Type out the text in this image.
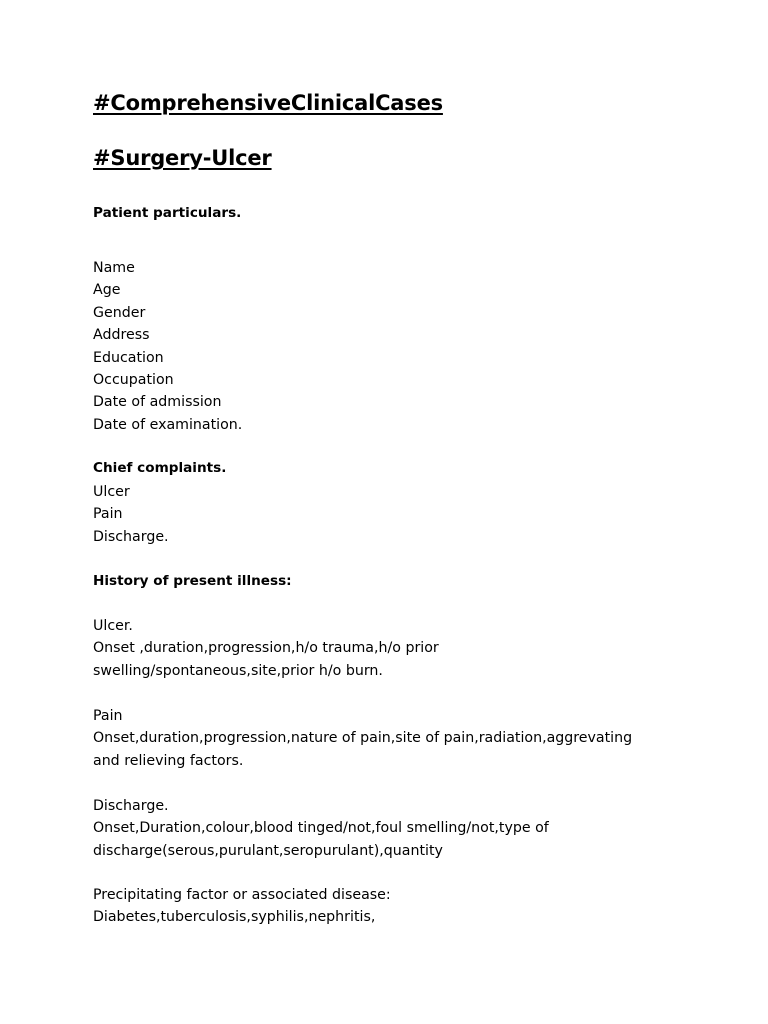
#ComprehensiveClinicalCases
#Surgery-Ulcer
Patient particulars.
Name
Age
Gender
Address
Education
Occupation
Date of admission
Date of examination.
Chief complaints.
Ulcer
Pain
Discharge.
History of present illness:
Ulcer.
Onset ,duration,progression,h/o trauma,h/o prior
swelling/spontaneous,site,prior h/o burn.
Pain
Onset,duration,progression,nature of pain,site of pain,radiation,aggrevating
and relieving factors.
Discharge.
Onset,Duration,colour,blood tinged/not,foul smelling/not,type of
discharge(serous,purulant,seropurulant),quantity
Precipitating factor or associated disease:
Diabetes,tuberculosis,syphilis,nephritis,
